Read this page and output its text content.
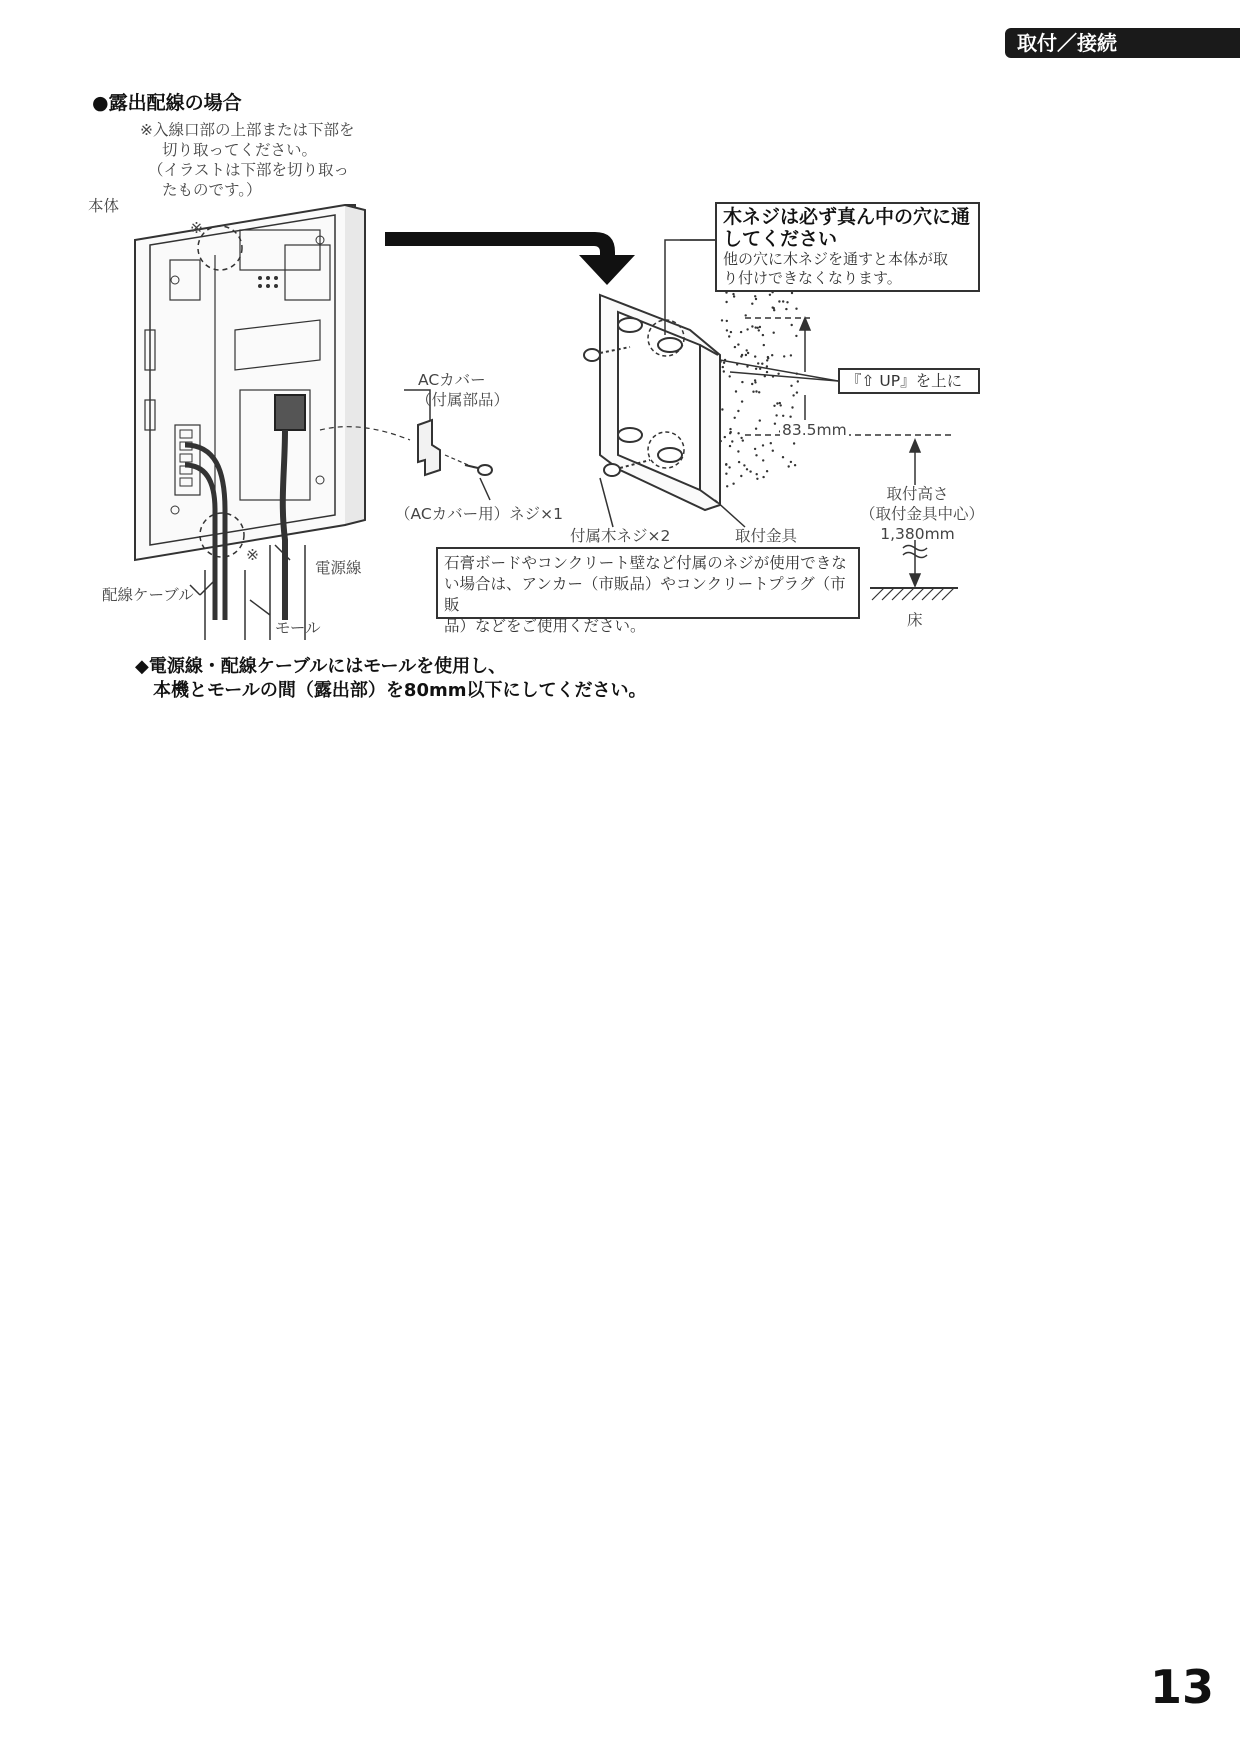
取付／接続
●露出配線の場合
※入線口部の上部または下部を
切り取ってください。
（イラストは下部を切り取っ
たものです。）
本体
※
※
ACカバー
（付属部品）
（ACカバー用）ネジ×1
付属木ネジ×2	取付金具
電源線
配線ケーブル
モール
木ネジは必ず真ん中の穴に通
してください
他の穴に木ネジを通すと本体が取
り付けできなくなります。
『⇧ UP』を上に
83.5mm
取付高さ
（取付金具中心）
1,380mm
床
石膏ボードやコンクリート壁など付属のネジが使用できな
い場合は、アンカー（市販品）やコンクリートプラグ（市販
品）などをご使用ください。
◆電源線・配線ケーブルにはモールを使用し、
本機とモールの間（露出部）を80mm以下にしてください。
13
